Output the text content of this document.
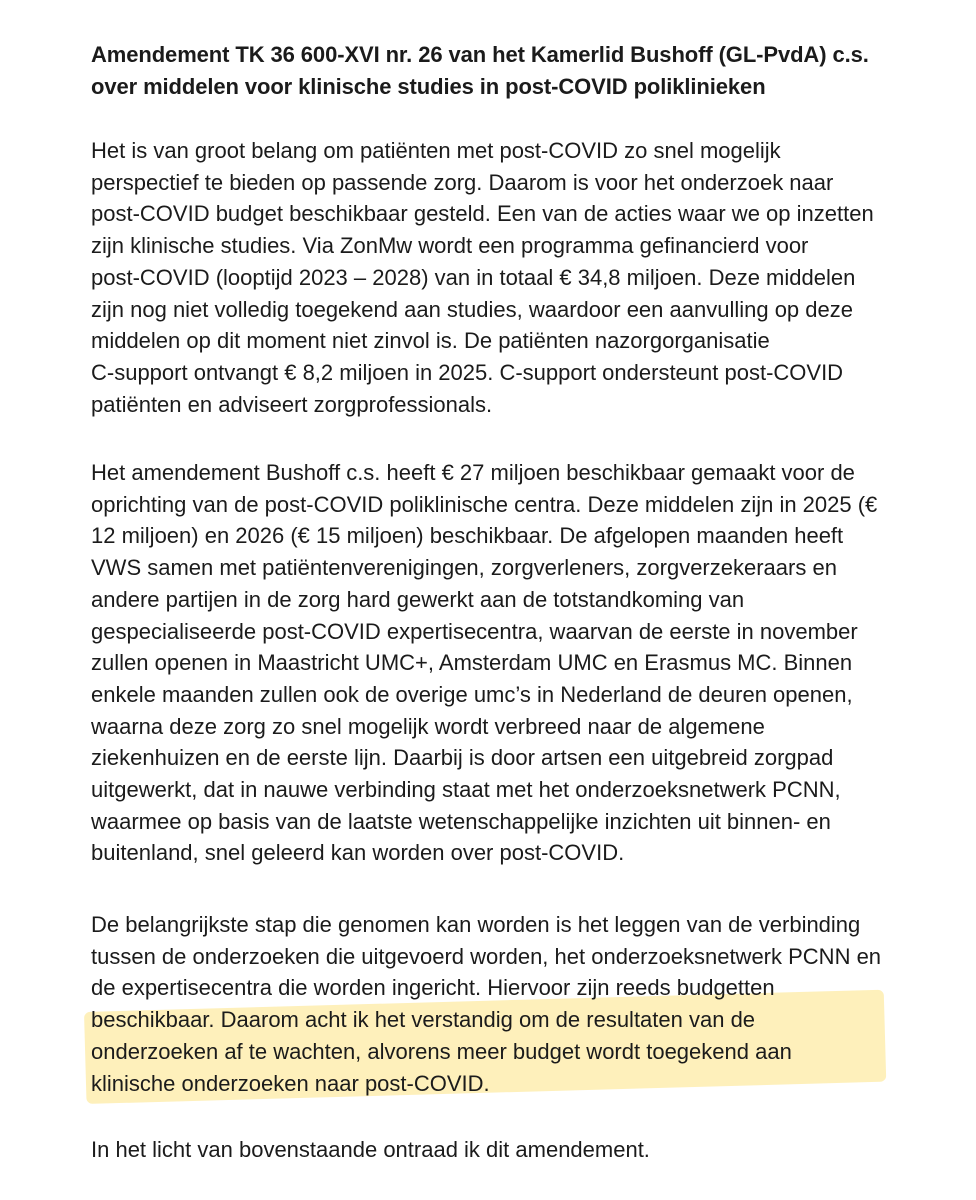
Amendement TK 36 600-XVI nr. 26 van het Kamerlid Bushoff (GL-PvdA) c.s.
over middelen voor klinische studies in post-COVID poliklinieken

Het is van groot belang om patiënten met post-COVID zo snel mogelijk
perspectief te bieden op passende zorg. Daarom is voor het onderzoek naar
post-COVID budget beschikbaar gesteld. Een van de acties waar we op inzetten
zijn klinische studies. Via ZonMw wordt een programma gefinancierd voor
post-COVID (looptijd 2023 – 2028) van in totaal € 34,8 miljoen. Deze middelen
zijn nog niet volledig toegekend aan studies, waardoor een aanvulling op deze
middelen op dit moment niet zinvol is. De patiënten nazorgorganisatie
C-support ontvangt € 8,2 miljoen in 2025. C-support ondersteunt post-COVID
patiënten en adviseert zorgprofessionals.

Het amendement Bushoff c.s. heeft € 27 miljoen beschikbaar gemaakt voor de
oprichting van de post-COVID poliklinische centra. Deze middelen zijn in 2025 (€
12 miljoen) en 2026 (€ 15 miljoen) beschikbaar. De afgelopen maanden heeft
VWS samen met patiëntenverenigingen, zorgverleners, zorgverzekeraars en
andere partijen in de zorg hard gewerkt aan de totstandkoming van
gespecialiseerde post-COVID expertisecentra, waarvan de eerste in november
zullen openen in Maastricht UMC+, Amsterdam UMC en Erasmus MC. Binnen
enkele maanden zullen ook de overige umc’s in Nederland de deuren openen,
waarna deze zorg zo snel mogelijk wordt verbreed naar de algemene
ziekenhuizen en de eerste lijn. Daarbij is door artsen een uitgebreid zorgpad
uitgewerkt, dat in nauwe verbinding staat met het onderzoeksnetwerk PCNN,
waarmee op basis van de laatste wetenschappelijke inzichten uit binnen- en
buitenland, snel geleerd kan worden over post-COVID.

De belangrijkste stap die genomen kan worden is het leggen van de verbinding
tussen de onderzoeken die uitgevoerd worden, het onderzoeksnetwerk PCNN en
de expertisecentra die worden ingericht. Hiervoor zijn reeds budgetten
beschikbaar. Daarom acht ik het verstandig om de resultaten van de
onderzoeken af te wachten, alvorens meer budget wordt toegekend aan
klinische onderzoeken naar post-COVID.

In het licht van bovenstaande ontraad ik dit amendement.
